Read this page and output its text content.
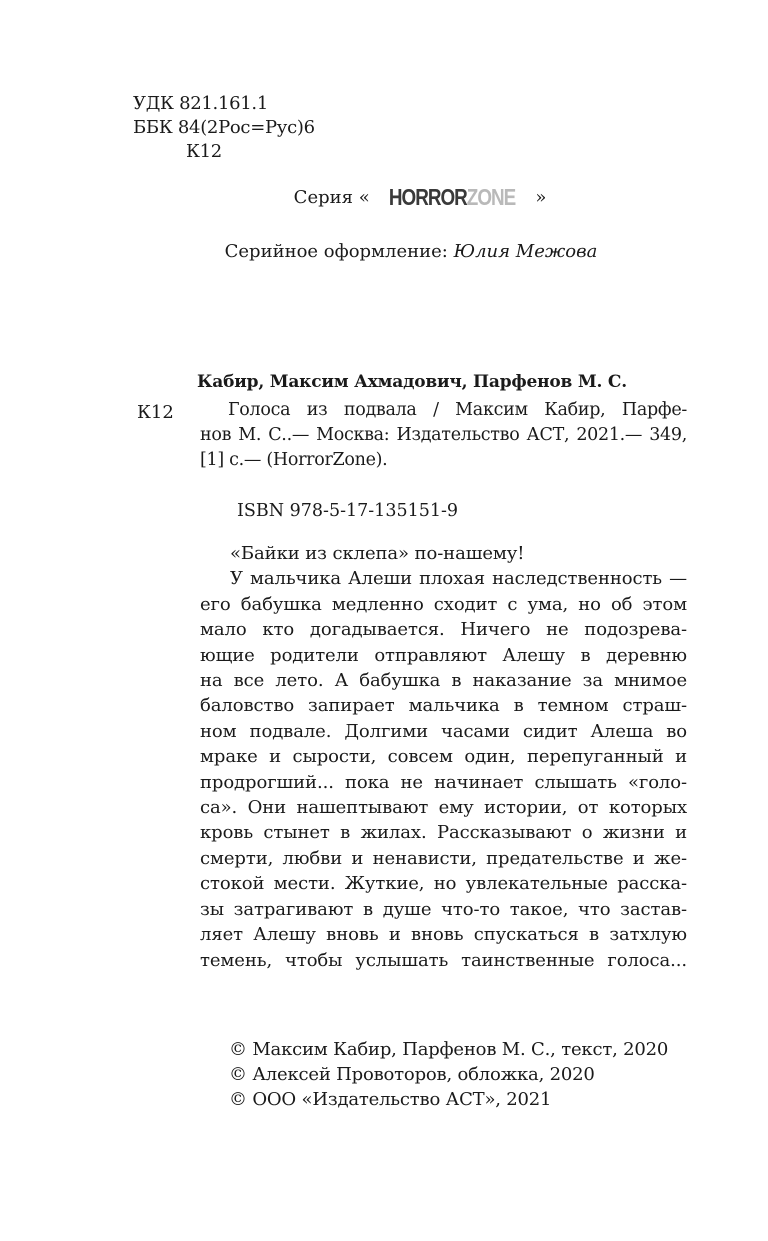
УДК 821.161.1
ББК 84(2Рос=Рус)6
К12
Серия « HORRORZONE »
Серийное оформление: Юлия Межова
Кабир, Максим Ахмадович, Парфенов М. С.
К12	Голоса из подвала / Максим Кабир, Парфе-
нов М. С..— Москва: Издательство АСТ, 2021.— 349,
[1] с.— (HorrorZone).
ISBN 978-5-17-135151-9
«Байки из склепа» по-нашему!
У мальчика Алеши плохая наследственность —
его бабушка медленно сходит с ума, но об этом
мало кто догадывается. Ничего не подозрева-
ющие родители отправляют Алешу в деревню
на все лето. А бабушка в наказание за мнимое
баловство запирает мальчика в темном страш-
ном подвале. Долгими часами сидит Алеша во
мраке и сырости, совсем один, перепуганный и
продрогший... пока не начинает слышать «голо-
са». Они нашептывают ему истории, от которых
кровь стынет в жилах. Рассказывают о жизни и
смерти, любви и ненависти, предательстве и же-
стокой мести. Жуткие, но увлекательные расска-
зы затрагивают в душе что-то такое, что застав-
ляет Алешу вновь и вновь спускаться в затхлую
темень, чтобы услышать таинственные голоса...
© Максим Кабир, Парфенов М. С., текст, 2020
© Алексей Провоторов, обложка, 2020
© ООО «Издательство АСТ», 2021
